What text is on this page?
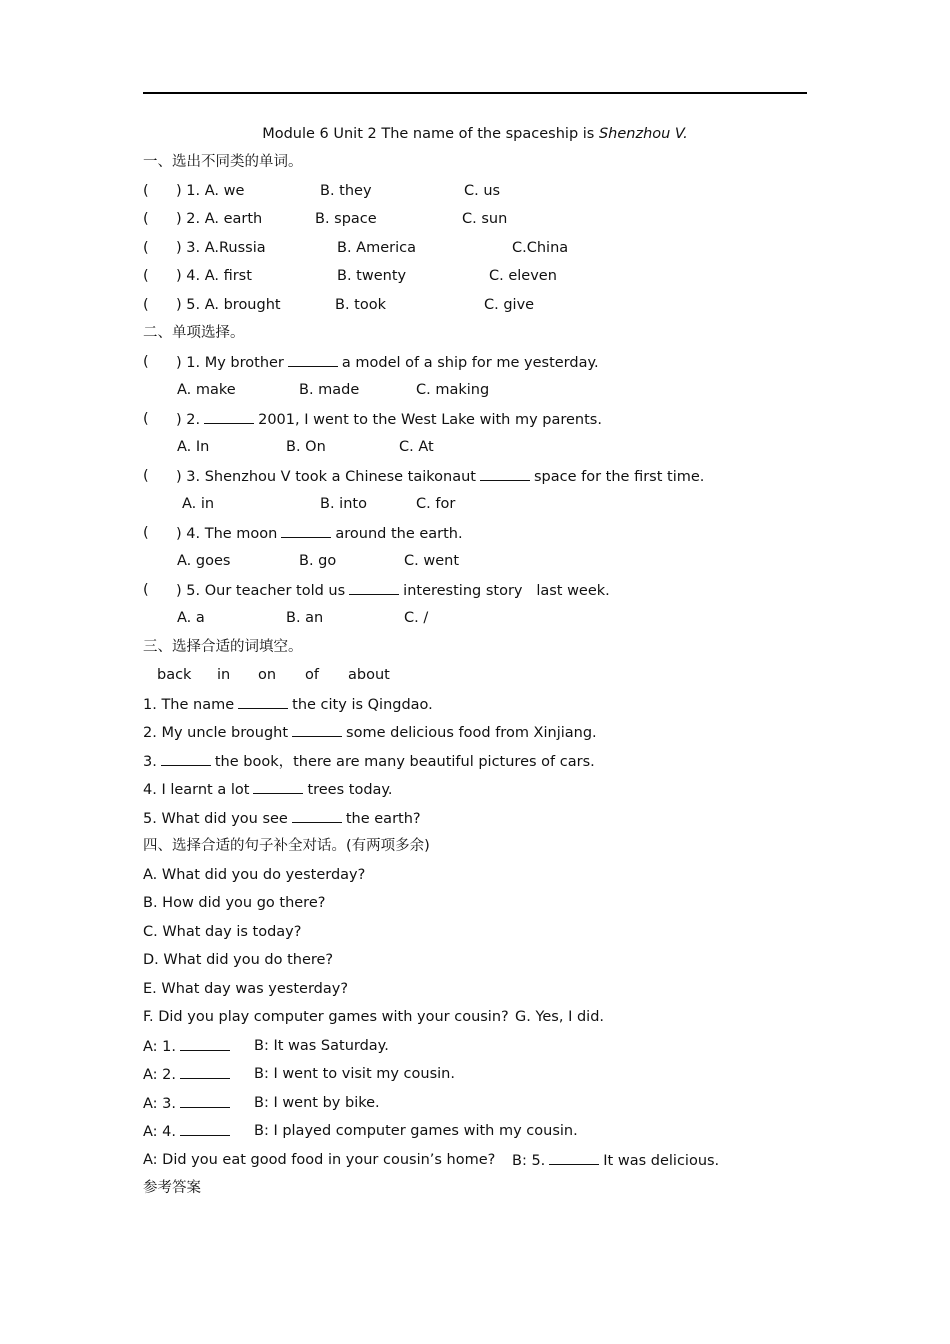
Module 6 Unit 2 The name of the spaceship is Shenzhou V.
一、选出不同类的单词。
( ) 1. A. we	B. they	C. us
( ) 2. A. earth	B. space	C. sun
( ) 3. A.Russia	B. America	C.China
( ) 4. A. first	B. twenty	C. eleven
( ) 5. A. brought	B. took	C. give
二、单项选择。
( ) 1. My brother	a model of a ship for me yesterday.
A. make	B. made	C. making
( ) 2.	2001, I went to the West Lake with my parents.
A. In	B. On	C. At
( ) 3. Shenzhou V took a Chinese taikonaut	space for the first time.
A. in	B. into	C. for
( ) 4. The moon	around the earth.
A. goes	B. go	C. went
( ) 5. Our teacher told us	interesting story   last week.
A. a	B. an	C. /
三、选择合适的词填空。
back in on of about
1. The name	the city is Qingdao.
2. My uncle brought	some delicious food from Xinjiang.
3.	the book，there are many beautiful pictures of cars.
4. I learnt a lot	trees today.
5. What did you see	the earth?
四、选择合适的句子补全对话。(有两项多余)
A. What did you do yesterday?
B. How did you go there?
C. What day is today?
D. What did you do there?
E. What day was yesterday?
F. Did you play computer games with your cousin? G. Yes, I did.
A: 1.	B: It was Saturday.
A: 2.	B: I went to visit my cousin.
A: 3.	B: I went by bike.
A: 4.	B: I played computer games with my cousin.
A: Did you eat good food in your cousin’s home? B: 5.	It was delicious.
参考答案
